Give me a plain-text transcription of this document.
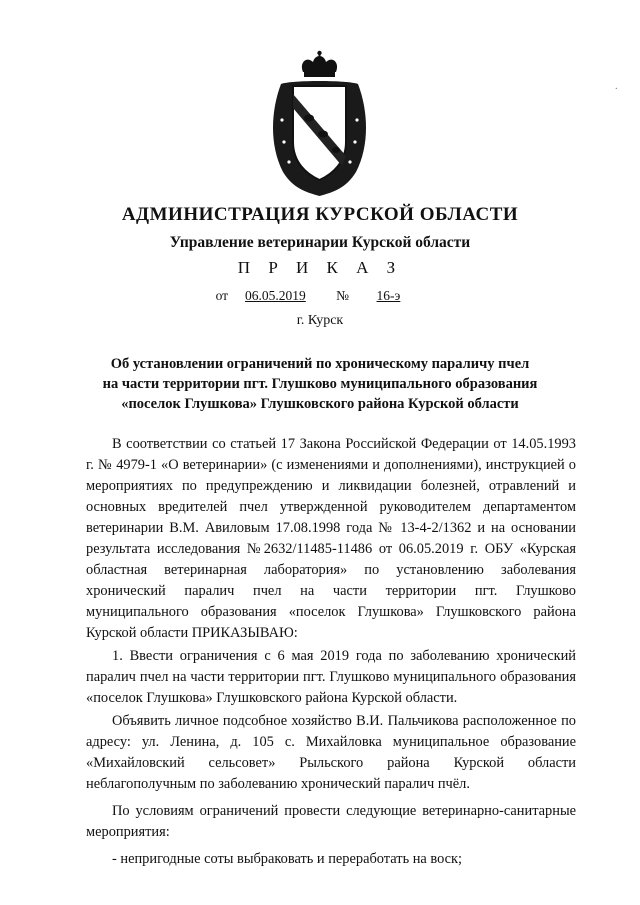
·
АДМИНИСТРАЦИЯ КУРСКОЙ ОБЛАСТИ
Управление ветеринарии Курской области
П Р И К А З
от 06.05.2019 № 16-э
г. Курск
Об установлении ограничений по хроническому параличу пчел
на части территории пгт. Глушково муниципального образования
«поселок Глушкова» Глушковского района Курской области

В соответствии со статьей 17 Закона Российской Федерации от 14.05.1993 г. № 4979-1 «О ветеринарии» (с изменениями и дополнениями), инструкцией о мероприятиях по предупреждению и ликвидации болезней, отравлений и основных вредителей пчел утвержденной руководителем департаментом ветеринарии В.М. Авиловым 17.08.1998 года № 13-4-2/1362 и на основании результата исследования №2632/11485-11486 от 06.05.2019 г. ОБУ «Курская областная ветеринарная лаборатория» по установлению заболевания хронический паралич пчел на части территории пгт. Глушково муниципального образования «поселок Глушкова» Глушковского района Курской области ПРИКАЗЫВАЮ:

1. Ввести ограничения с 6 мая 2019 года по заболеванию хронический паралич пчел на части территории пгт. Глушково муниципального образования «поселок Глушкова» Глушковского района Курской области.

Объявить личное подсобное хозяйство В.И. Пальчикова расположенное по адресу: ул. Ленина, д. 105 с. Михайловка муниципальное образование «Михайловский сельсовет» Рыльского района Курской области неблагополучным по заболеванию хронический паралич пчёл.

По условиям ограничений провести следующие ветеринарно-санитарные мероприятия:

- непригодные соты выбраковать и переработать на воск;
